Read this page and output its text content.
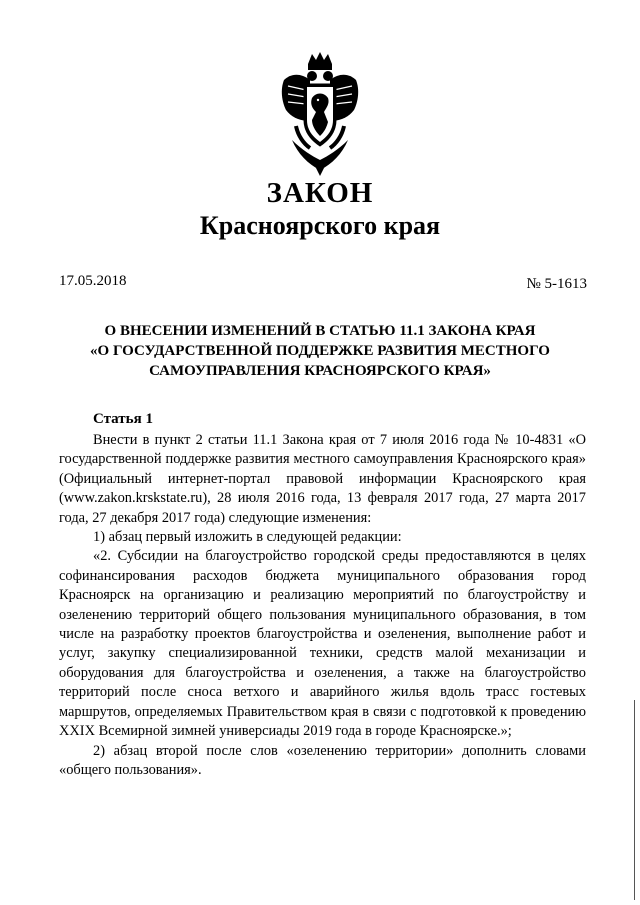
ЗАКОН
Красноярского края
17.05.2018	№ 5-1613
О ВНЕСЕНИИ ИЗМЕНЕНИЙ В СТАТЬЮ 11.1 ЗАКОНА КРАЯ
«О ГОСУДАРСТВЕННОЙ ПОДДЕРЖКЕ РАЗВИТИЯ МЕСТНОГО
САМОУПРАВЛЕНИЯ КРАСНОЯРСКОГО КРАЯ»
Статья 1

Внести в пункт 2 статьи 11.1 Закона края от 7 июля 2016 года № 10-4831 «О государственной поддержке развития местного самоуправления Красноярского края» (Официальный интернет-портал правовой информации Красноярского края (www.zakon.krskstate.ru), 28 июля 2016 года, 13 февраля 2017 года, 27 марта 2017 года, 27 декабря 2017 года) следующие изменения:

1) абзац первый изложить в следующей редакции:

«2. Субсидии на благоустройство городской среды предоставляются в целях софинансирования расходов бюджета муниципального образования город Красноярск на организацию и реализацию мероприятий по благоустройству и озеленению территорий общего пользования муниципального образования, в том числе на разработку проектов благоустройства и озеленения, выполнение работ и услуг, закупку специализированной техники, средств малой механизации и оборудования для благоустройства и озеленения, а также на благоустройство территорий после сноса ветхого и аварийного жилья вдоль трасс гостевых маршрутов, определяемых Правительством края в связи с подготовкой к проведению XXIX Всемирной зимней универсиады 2019 года в городе Красноярске.»;

2) абзац второй после слов «озеленению территории» дополнить словами «общего пользования».
